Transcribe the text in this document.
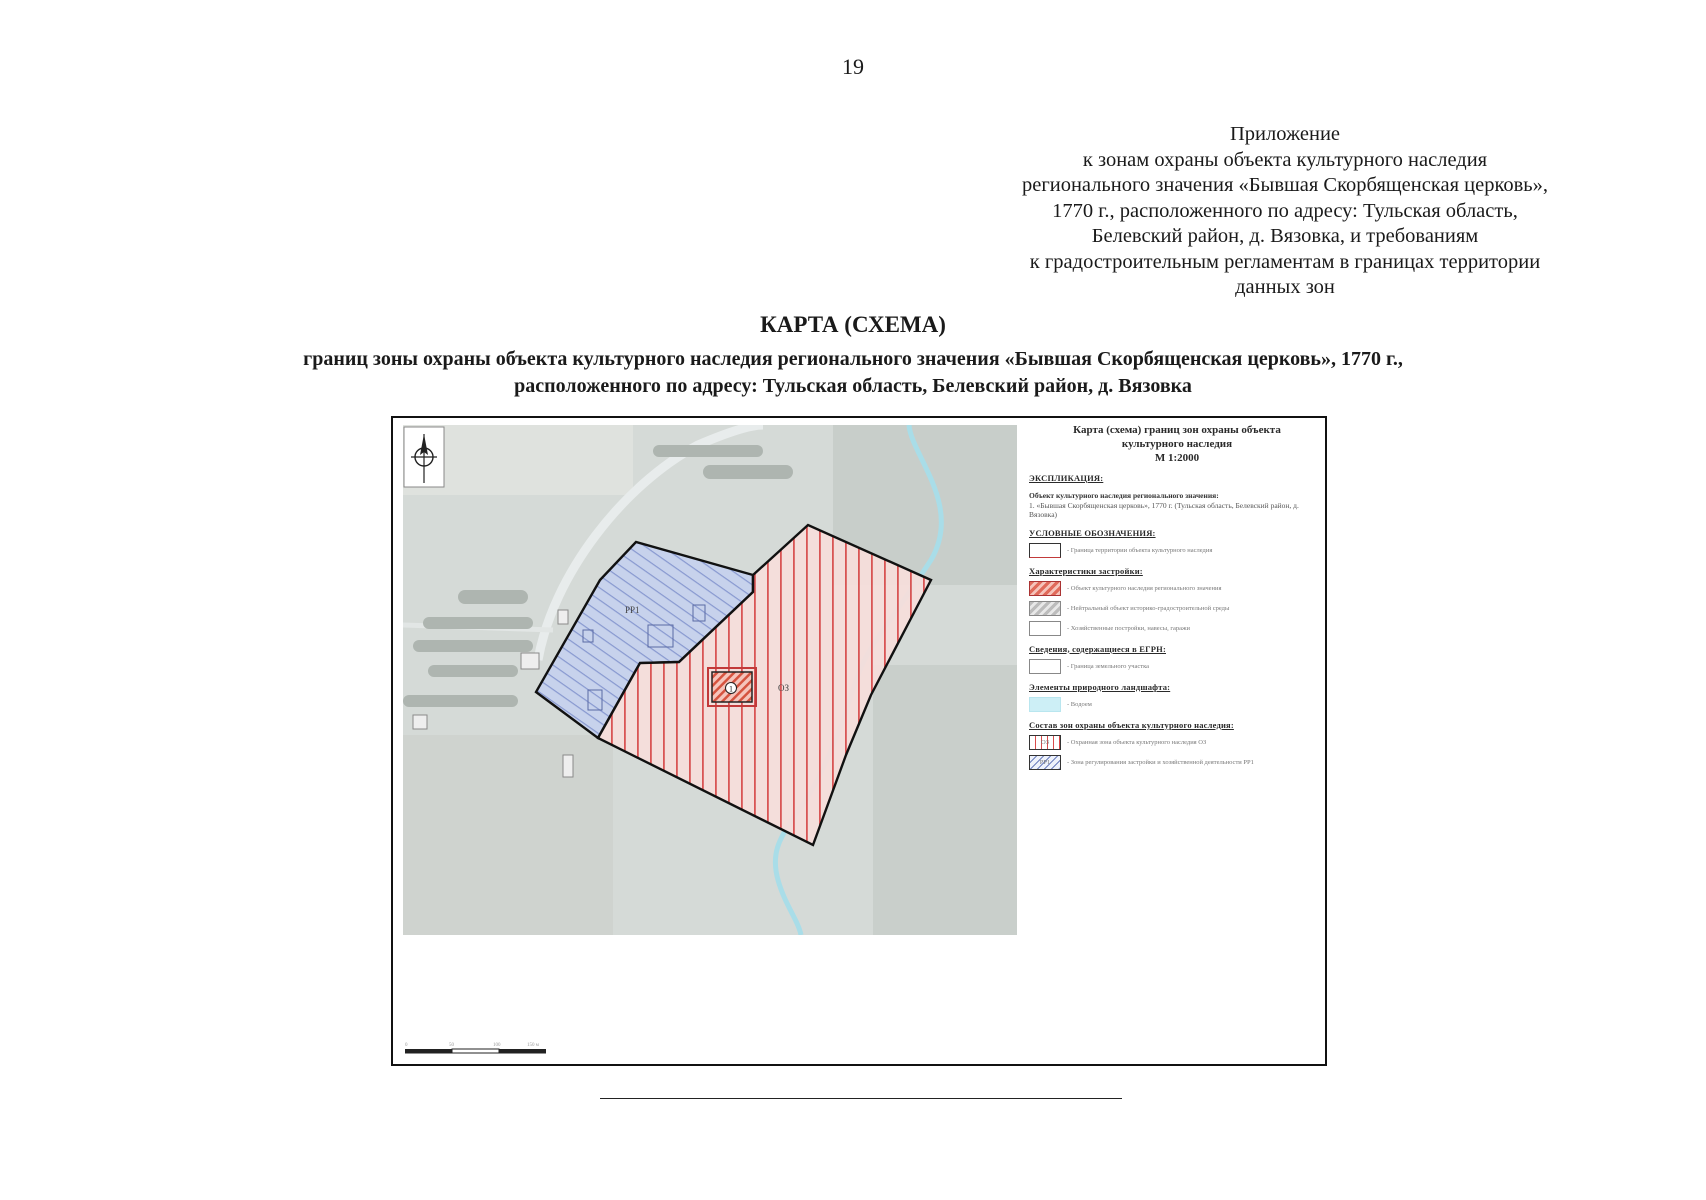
19
Приложение
к зонам охраны объекта культурного наследия
регионального значения «Бывшая Скорбященская церковь»,
1770 г., расположенного по адресу: Тульская область,
Белевский район, д. Вязовка, и требованиям
к градостроительным регламентам в границах территории
данных зон
КАРТА (СХЕМА)
границ зоны охраны объекта культурного наследия регионального значения «Бывшая Скорбященская церковь», 1770 г.,
расположенного по адресу: Тульская область, Белевский район, д. Вязовка
1
РР1
ОЗ
0	50	100	150 м
Карта (схема) границ зон охраны объекта
культурного наследия
М 1:2000
ЭКСПЛИКАЦИЯ:
Объект культурного наследия регионального значения:
1. «Бывшая Скорбященская церковь», 1770 г. (Тульская область, Белевский район, д. Вязовка)
УСЛОВНЫЕ ОБОЗНАЧЕНИЯ:
- Граница территории объекта культурного наследия
Характеристики застройки:
- Объект культурного наследия регионального значения
- Нейтральный объект историко-градостроительной среды
- Хозяйственные постройки, навесы, гаражи
Сведения, содержащиеся в ЕГРН:
- Граница земельного участка
Элементы природного ландшафта:
- Водоем
Состав зон охраны объекта культурного наследия:
ОЗ	- Охранная зона объекта культурного наследия ОЗ
РР1	- Зона регулирования застройки и хозяйственной деятельности РР1
